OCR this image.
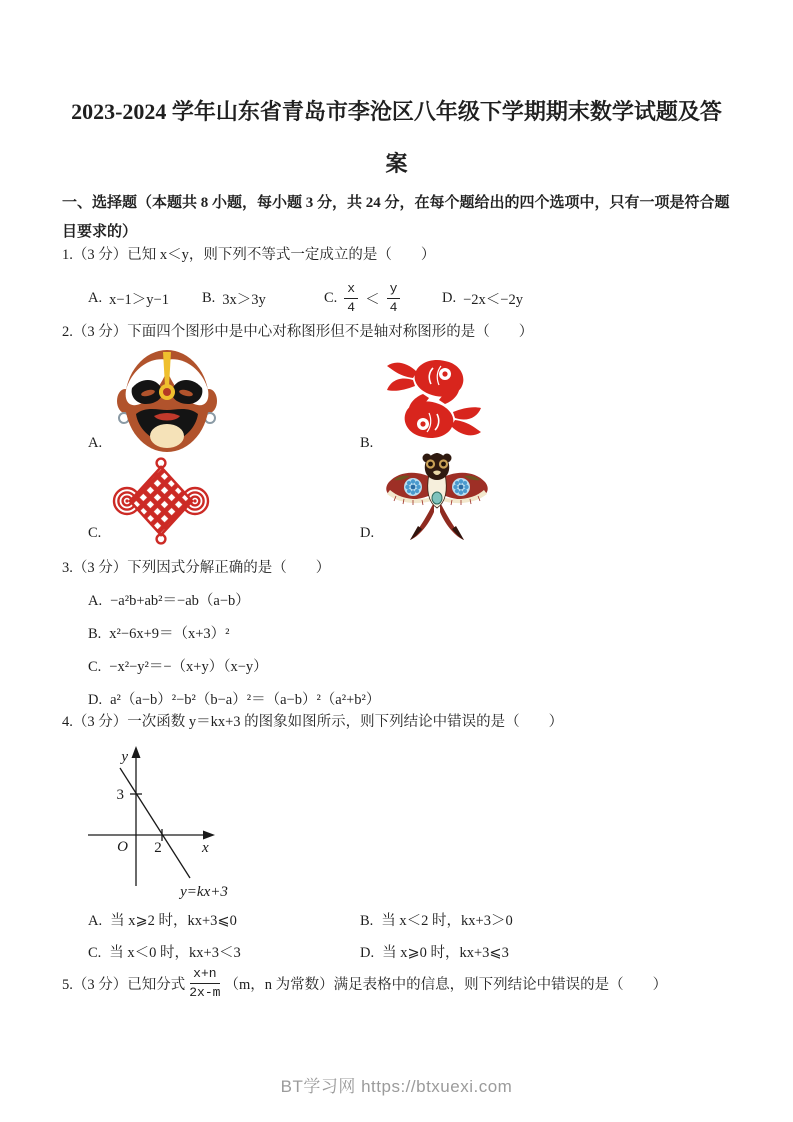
2023-2024 学年山东省青岛市李沧区八年级下学期期末数学试题及答
案
一、选择题（本题共 8 小题，每小题 3 分，共 24 分，在每个题给出的四个选项中，只有一项是符合题目要求的）
1.（3 分）已知 x＜y，则下列不等式一定成立的是（　　）
A. x−1＞y−1 B. 3x＞3y	C. $\frac{x}{4} < \frac{y}{4}$	D. −2x＜−2y
2.（3 分）下面四个图形中是中心对称图形但不是轴对称图形的是（　　）
A.	B.
C.	D.
3.（3 分）下列因式分解正确的是（　　）
A. −a²b+ab²＝−ab（a−b）
B. x²−6x+9＝（x+3）²
C. −x²−y²＝−（x+y）（x−y）
D. a²（a−b）²−b²（b−a）²＝（a−b）²（a²+b²）
4.（3 分）一次函数 y＝kx+3 的图象如图所示，则下列结论中错误的是（　　）
y
x
O
3
2
y=kx+3
A. 当 x⩾2 时，kx+3⩽0	B. 当 x＜2 时，kx+3＞0
C. 当 x＜0 时，kx+3＜3	D. 当 x⩾0 时，kx+3⩽3
5.（3 分）已知分式 $\frac{x+n}{2x-m} (m$，n 为常数）满足表格中的信息，则下列结论中错误的是（　　）
BT学习网 https://btxuexi.com
